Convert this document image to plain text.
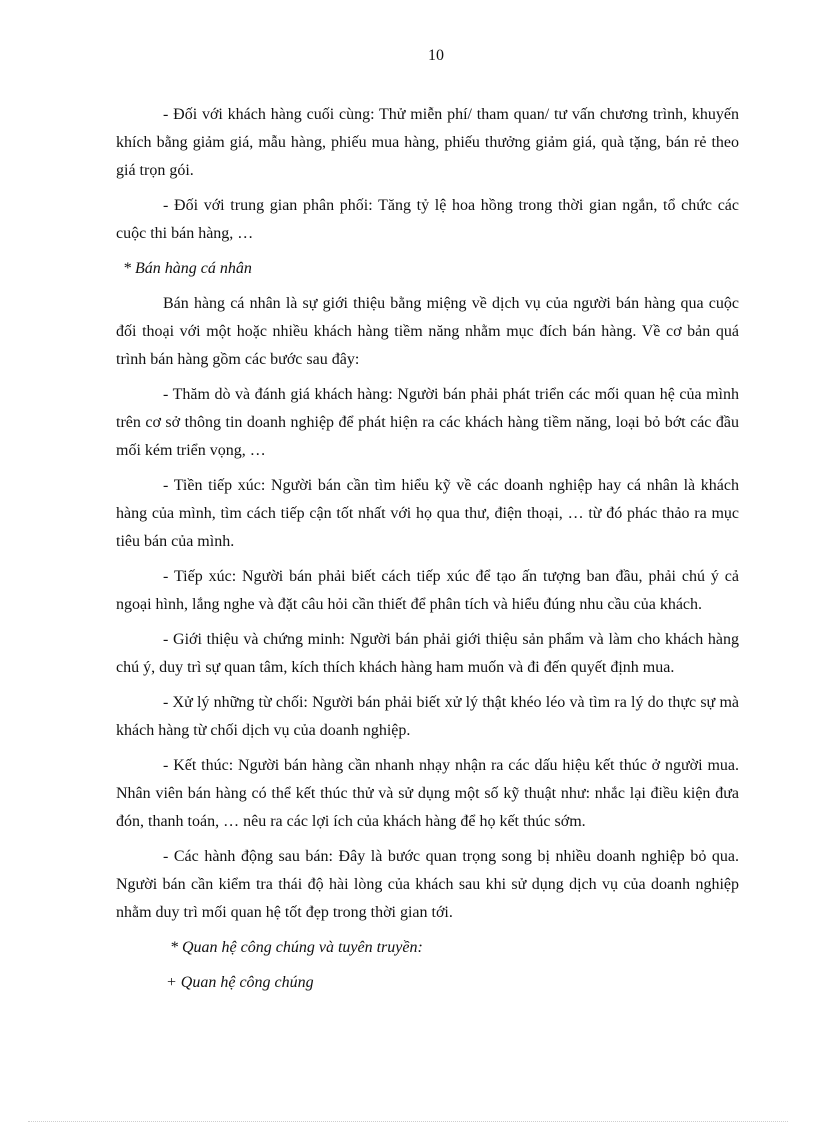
10

- Đối với khách hàng cuối cùng: Thử miễn phí/ tham quan/ tư vấn chương trình, khuyến khích bằng giảm giá, mẫu hàng, phiếu mua hàng, phiếu thưởng giảm giá, quà tặng, bán rẻ theo giá trọn gói.

- Đối với trung gian phân phối: Tăng tỷ lệ hoa hồng trong thời gian ngắn, tổ chức các cuộc thi bán hàng, …

* Bán hàng cá nhân

Bán hàng cá nhân là sự giới thiệu bằng miệng về dịch vụ của người bán hàng qua cuộc đối thoại với một hoặc nhiều khách hàng tiềm năng nhằm mục đích bán hàng. Về cơ bản quá trình bán hàng gồm các bước sau đây:

- Thăm dò và đánh giá khách hàng: Người bán phải phát triển các mối quan hệ của mình trên cơ sở thông tin doanh nghiệp để phát hiện ra các khách hàng tiềm năng, loại bỏ bớt các đầu mối kém triển vọng, …

- Tiền tiếp xúc: Người bán cần tìm hiểu kỹ về các doanh nghiệp hay cá nhân là khách hàng của mình, tìm cách tiếp cận tốt nhất với họ qua thư, điện thoại, … từ đó phác thảo ra mục tiêu bán của mình.

- Tiếp xúc: Người bán phải biết cách tiếp xúc để tạo ấn tượng ban đầu, phải chú ý cả ngoại hình, lắng nghe và đặt câu hỏi cần thiết để phân tích và hiểu đúng nhu cầu của khách.

- Giới thiệu và chứng minh: Người bán phải giới thiệu sản phẩm và làm cho khách hàng chú ý, duy trì sự quan tâm, kích thích khách hàng ham muốn và đi đến quyết định mua.

- Xử lý những từ chối: Người bán phải biết xử lý thật khéo léo và tìm ra lý do thực sự mà khách hàng từ chối dịch vụ của doanh nghiệp.

- Kết thúc: Người bán hàng cần nhanh nhạy nhận ra các dấu hiệu kết thúc ở người mua. Nhân viên bán hàng có thể kết thúc thử và sử dụng một số kỹ thuật như: nhắc lại điều kiện đưa đón, thanh toán, … nêu ra các lợi ích của khách hàng để họ kết thúc sớm.

- Các hành động sau bán: Đây là bước quan trọng song bị nhiều doanh nghiệp bỏ qua. Người bán cần kiểm tra thái độ hài lòng của khách sau khi sử dụng dịch vụ của doanh nghiệp nhằm duy trì mối quan hệ tốt đẹp trong thời gian tới.

* Quan hệ công chúng và tuyên truyền:

+ Quan hệ công chúng
